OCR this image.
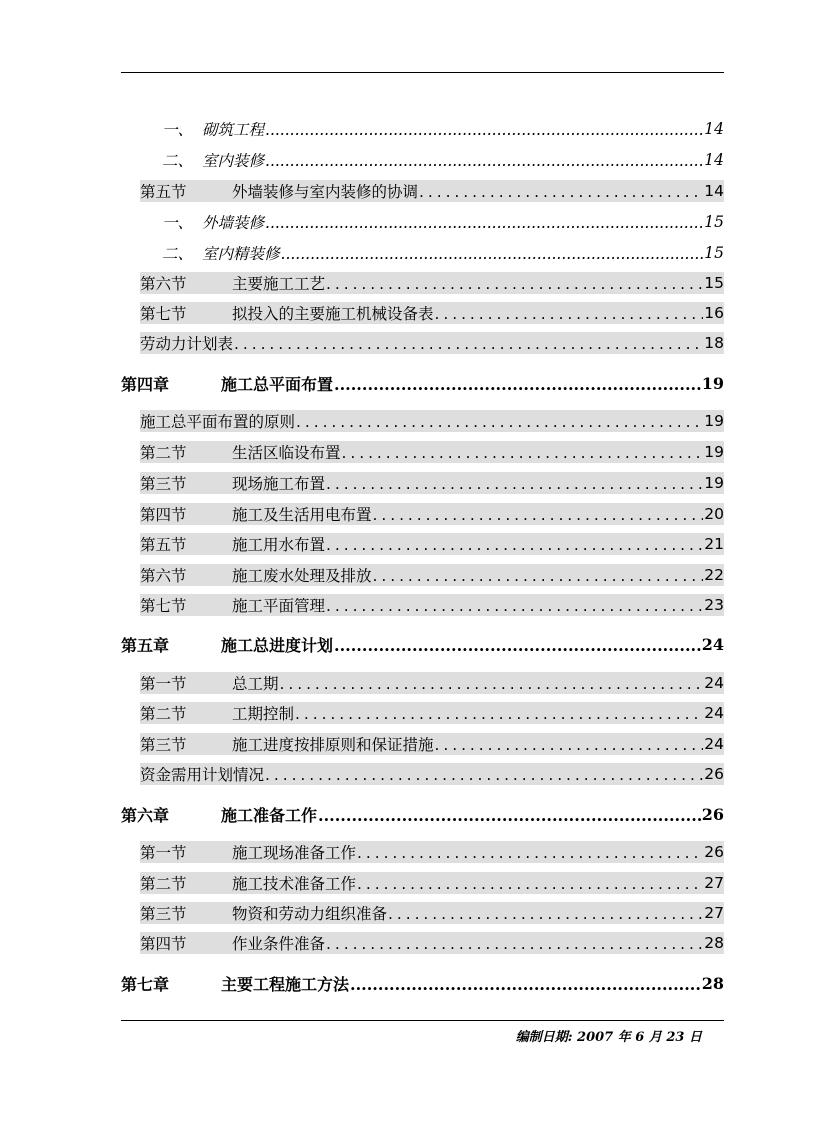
一、 砌筑工程 .....	14
二、 室内装修 .....	14
第五节	外墙装修与室内装修的协调 . . .	14
一、 外墙装修 .....	15
二、 室内精装修 .....	15
第六节	主要施工工艺 . . .	15
第七节	拟投入的主要施工机械设备表 . . .	16
劳动力计划表 . . .	18
第四章	施工总平面布置 .....	19
施工总平面布置的原则 . . .	19
第二节	生活区临设布置 . . .	19
第三节	现场施工布置 . . .	19
第四节	施工及生活用电布置 . . .	20
第五节	施工用水布置 . . .	21
第六节	施工废水处理及排放 . . .	22
第七节	施工平面管理 . . .	23
第五章	施工总进度计划 .....	24
第一节	总工期 . . .	24
第二节	工期控制 . . .	24
第三节	施工进度按排原则和保证措施 . . .	24
资金需用计划情况 . . .	26
第六章	施工准备工作 .....	26
第一节	施工现场准备工作 . . .	26
第二节	施工技术准备工作 . . .	27
第三节	物资和劳动力组织准备 . . .	27
第四节	作业条件准备 . . .	28
第七章	主要工程施工方法 .....	28
编制日期: 2007 年 6 月 23 日
